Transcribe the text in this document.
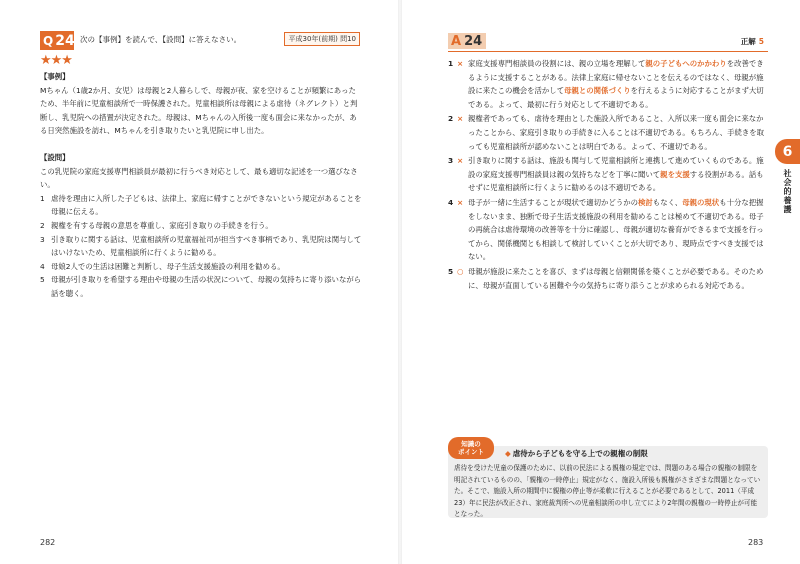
Q 24 次の【事例】を読んで、【設問】に答えなさい。	平成30年(前期) 問10
★★★
【事例】

Mちゃん（1歳2か月、女児）は母親と2人暮らしで、母親が夜、家を空けることが頻繁にあったため、半年前に児童相談所で一時保護された。児童相談所は母親による虐待（ネグレクト）と判断し、乳児院への措置が決定された。母親は、Mちゃんの入所後一度も面会に来なかったが、ある日突然施設を訪れ、Mちゃんを引き取りたいと乳児院に申し出た。

【設問】

この乳児院の家庭支援専門相談員が最初に行うべき対応として、最も適切な記述を一つ選びなさい。

1 虐待を理由に入所した子どもは、法律上、家庭に帰すことができないという規定があることを母親に伝える。
2 親権を有する母親の意思を尊重し、家庭引き取りの手続きを行う。
3 引き取りに関する話は、児童相談所の児童福祉司が担当すべき事柄であり、乳児院は関与してはいけないため、児童相談所に行くように勧める。
4 母娘2人での生活は困難と判断し、母子生活支援施設の利用を勧める。
5 母親が引き取りを希望する理由や母親の生活の状況について、母親の気持ちに寄り添いながら話を聴く。
282
A 24	正解 5
1 × 家庭支援専門相談員の役割には、親の立場を理解して親の子どもへのかかわりを改善できるように支援することがある。法律上家庭に帰せないことを伝えるのではなく、母親が施設に来たこの機会を活かして母親との関係づくりを行えるように対応することがまず大切である。よって、最初に行う対応として不適切である。
2 × 親権者であっても、虐待を理由とした施設入所であること、入所以来一度も面会に来なかったことから、家庭引き取りの手続きに入ることは不適切である。もちろん、手続きを取っても児童相談所が認めないことは明白である。よって、不適切である。
3 × 引き取りに関する話は、施設も関与して児童相談所と連携して進めていくものである。施設の家庭支援専門相談員は親の気持ちなどを丁寧に聞いて親を支援する役割がある。話もせずに児童相談所に行くように勧めるのは不適切である。
4 × 母子が一緒に生活することが現状で適切かどうかの検討もなく、母親の現状も十分な把握をしないまま、独断で母子生活支援施設の利用を勧めることは極めて不適切である。母子の再統合は虐待環境の改善等を十分に確認し、母親が適切な養育ができるまで支援を行ってから、関係機関とも相談して検討していくことが大切であり、現時点ですべき支援ではない。
5 ○ 母親が施設に来たことを喜び、まずは母親と信頼関係を築くことが必要である。そのために、母親が直面している困難や今の気持ちに寄り添うことが求められる対応である。
6
社会的養護
知識の
ポイント	◆ 虐待から子どもを守る上での親権の制限
虐待を受けた児童の保護のために、以前の民法による親権の規定では、問題のある場合の親権の制限を明記されているものの、「親権の一時停止」規定がなく、施設入所後も親権がさまざまな問題となっていた。そこで、施設入所の期間中に親権の停止等が柔軟に行えることが必要であるとして、2011（平成23）年に民法が改正され、家庭裁判所への児童相談所の申し立てにより2年間の親権の一時停止が可能となった。
283
